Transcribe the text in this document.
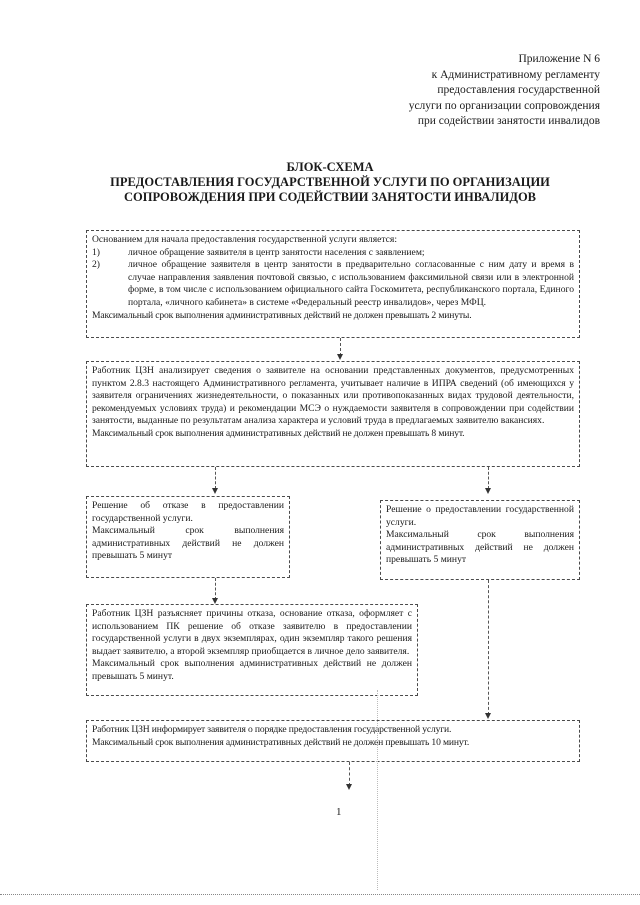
Приложение N 6
к Административному регламенту
предоставления государственной
услуги по организации сопровождения
при содействии занятости инвалидов
БЛОК-СХЕМА
ПРЕДОСТАВЛЕНИЯ ГОСУДАРСТВЕННОЙ УСЛУГИ ПО ОРГАНИЗАЦИИ
СОПРОВОЖДЕНИЯ ПРИ СОДЕЙСТВИИ ЗАНЯТОСТИ ИНВАЛИДОВ

Основанием для начала предоставления государственной услуги является:

1)	личное обращение заявителя в центр занятости населения с заявлением;

2)	личное обращение заявителя в центр занятости в предварительно согласованные с ним дату и время в случае направления заявления почтовой связью, с использованием факсимильной связи или в электронной форме, в том числе с использованием официального сайта Госкомитета, республиканского портала, Единого портала, «личного кабинета» в системе «Федеральный реестр инвалидов», через МФЦ.

Максимальный срок выполнения административных действий не должен превышать 2 минуты.

Работник ЦЗН анализирует сведения о заявителе на основании представленных документов, предусмотренных пунктом 2.8.3 настоящего Административного регламента, учитывает наличие в ИПРА сведений (об имеющихся у заявителя ограничениях жизнедеятельности, о показанных или противопоказанных видах трудовой деятельности, рекомендуемых условиях труда) и рекомендации МСЭ о нуждаемости заявителя в сопровождении при содействии занятости, выданные по результатам анализа характера и условий труда в предлагаемых заявителю вакансиях.

Максимальный срок выполнения административных действий не должен превышать 8 минут.

Решение об отказе в предоставлении государственной услуги.

Максимальный срок выполнения административных действий не должен превышать 5 минут

Решение о предоставлении государственной услуги.

Максимальный срок выполнения административных действий не должен превышать 5 минут

Работник ЦЗН разъясняет причины отказа, основание отказа, оформляет с использованием ПК решение об отказе заявителю в предоставлении государственной услуги в двух экземплярах, один экземпляр такого решения выдает заявителю, а второй экземпляр приобщается в личное дело заявителя.

Максимальный срок выполнения административных действий не должен превышать 5 минут.

Работник ЦЗН информирует заявителя о порядке предоставления государственной услуги.

Максимальный срок выполнения административных действий не должен превышать 10 минут.

1
